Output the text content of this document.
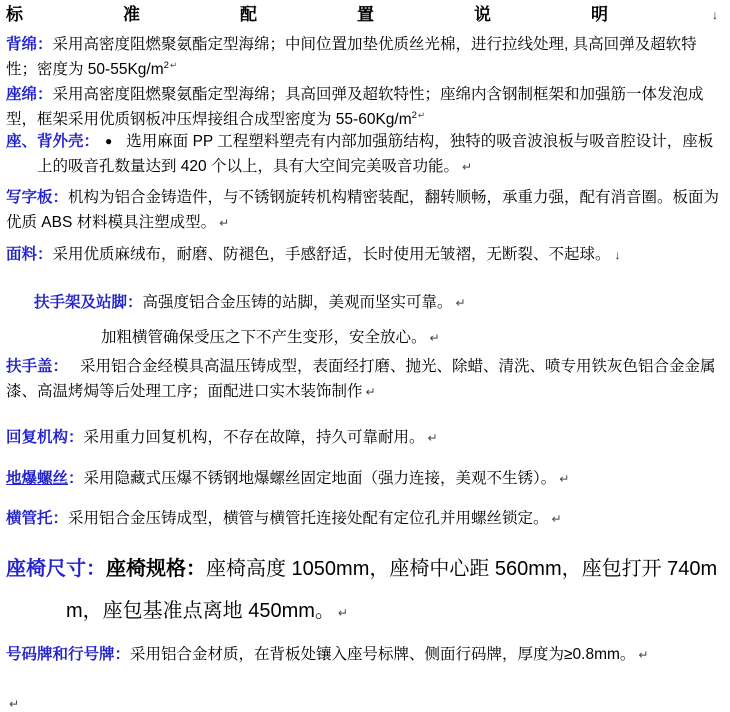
标	准	配	置	说	明	↓

背绵：采用高密度阻燃聚氨酯定型海绵；中间位置加垫优质丝光棉，进行拉线处理, 具高回弹及超软特性；密度为 $50-55Kg/m^{2↵}$

座绵：采用高密度阻燃聚氨酯定型海绵；具高回弹及超软特性；座绵内含钢制框架和加强筋一体发泡成型，框架采用优质钢板冲压焊接组合成型密度为 $55-60Kg/m^{2↵}$

座、背外壳： ● 选用麻面 PP 工程塑料塑壳有内部加强筋结构，独特的吸音波浪板与吸音腔设计，座板上的吸音孔数量达到 420 个以上，具有大空间完美吸音功能。 ↵

写字板：机构为铝合金铸造件，与不锈钢旋转机构精密装配，翻转顺畅，承重力强，配有消音圈。板面为优质 ABS 材料模具注塑成型。 ↵

面料：采用优质麻绒布，耐磨、防褪色，手感舒适，长时使用无皱褶，无断裂、不起球。 ↓

扶手架及站脚：高强度铝合金压铸的站脚，美观而坚实可靠。 ↵

加粗横管确保受压之下不产生变形，安全放心。 ↵

扶手盖： 采用铝合金经模具高温压铸成型，表面经打磨、抛光、除蜡、清洗、喷专用铁灰色铝合金金属漆、高温烤焗等后处理工序；面配进口实木装饰制作 ↵

回复机构：采用重力回复机构，不存在故障，持久可靠耐用。 ↵

地爆螺丝：采用隐藏式压爆不锈钢地爆螺丝固定地面（强力连接，美观不生锈）。 ↵

横管托：采用铝合金压铸成型，横管与横管托连接处配有定位孔并用螺丝锁定。 ↵

座椅尺寸：座椅规格：座椅高度 1050mm，座椅中心距 560mm，座包打开 740mm，座包基准点离地 450mm。 ↵

号码牌和行号牌：采用铝合金材质，在背板处镶入座号标牌、侧面行码牌，厚度为≥0.8mm。 ↵

↵
